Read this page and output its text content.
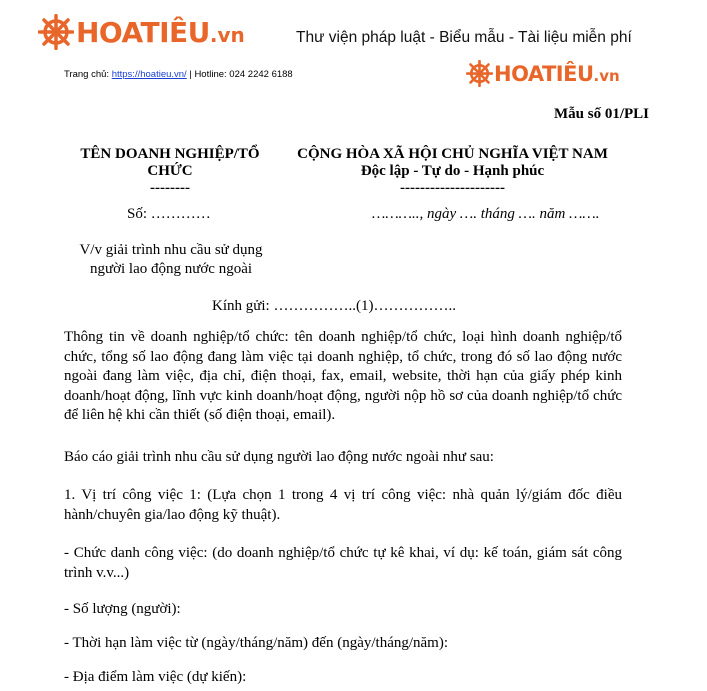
HOATIÊU .vn	Thư viện pháp luật - Biểu mẫu - Tài liệu miễn phí
Trang chủ: https://hoatieu.vn/ | Hotline: 024 2242 6188	HOATIÊU .vn
Mẫu số 01/PLI
TÊN DOANH NGHIỆP/TỔ
CHỨC
--------
CỘNG HÒA XÃ HỘI CHỦ NGHĨA VIỆT NAM
Độc lập - Tự do - Hạnh phúc
---------------------
Số: …………	……….., ngày …. tháng …. năm …….
V/v giải trình nhu cầu sử dụng
người lao động nước ngoài
Kính gửi: ……………..(1)……………..
Thông tin về doanh nghiệp/tổ chức: tên doanh nghiệp/tổ chức, loại hình doanh nghiệp/tổ chức, tổng số lao động đang làm việc tại doanh nghiệp, tổ chức, trong đó số lao động nước ngoài đang làm việc, địa chỉ, điện thoại, fax, email, website, thời hạn của giấy phép kinh doanh/hoạt động, lĩnh vực kinh doanh/hoạt động, người nộp hồ sơ của doanh nghiệp/tổ chức để liên hệ khi cần thiết (số điện thoại, email).
Báo cáo giải trình nhu cầu sử dụng người lao động nước ngoài như sau:
1. Vị trí công việc 1: (Lựa chọn 1 trong 4 vị trí công việc: nhà quản lý/giám đốc điều hành/chuyên gia/lao động kỹ thuật).
- Chức danh công việc: (do doanh nghiệp/tổ chức tự kê khai, ví dụ: kế toán, giám sát công trình v.v...)
- Số lượng (người):
- Thời hạn làm việc từ (ngày/tháng/năm) đến (ngày/tháng/năm):
- Địa điểm làm việc (dự kiến):
